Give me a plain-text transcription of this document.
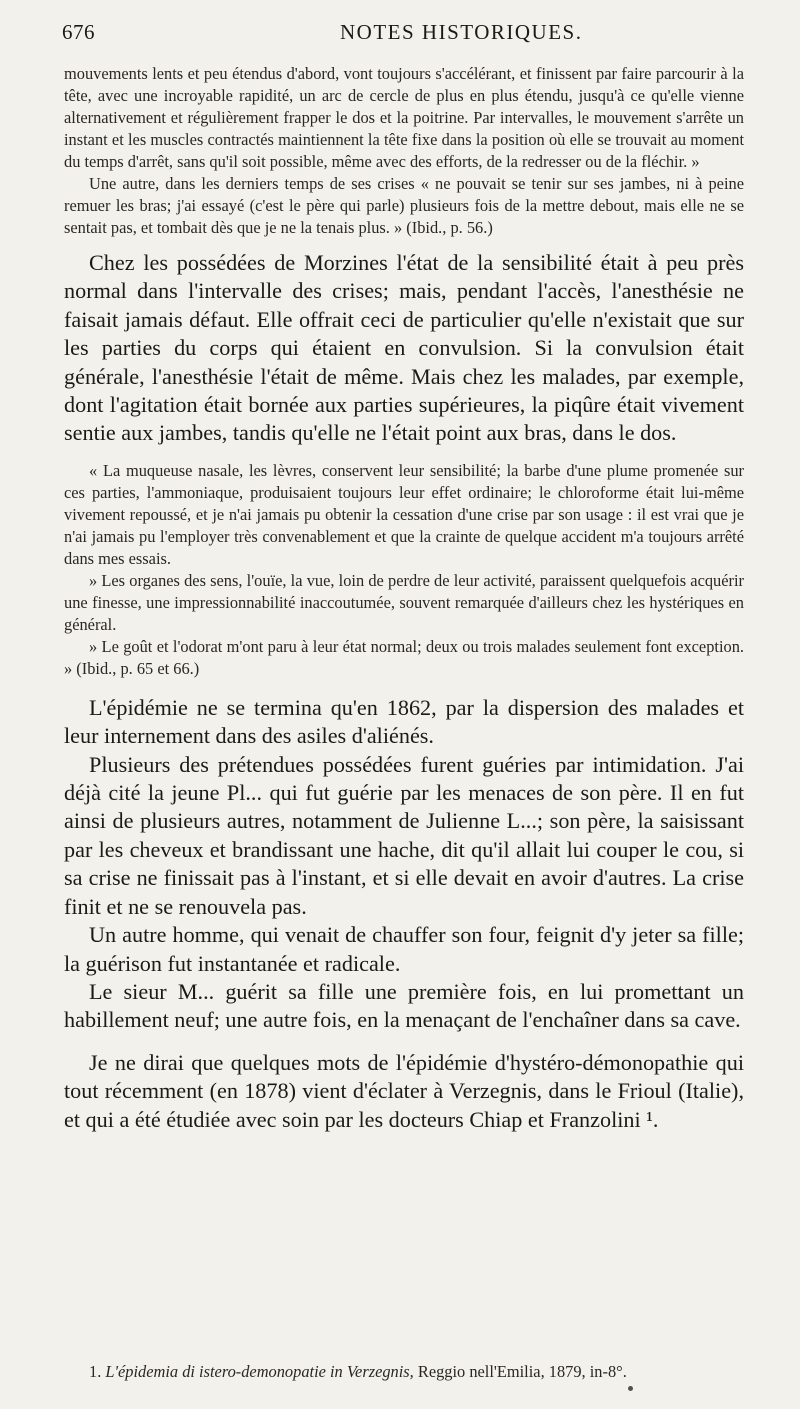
676	NOTES HISTORIQUES.

mouvements lents et peu étendus d'abord, vont toujours s'accélérant, et finissent par faire parcourir à la tête, avec une incroyable rapidité, un arc de cercle de plus en plus étendu, jusqu'à ce qu'elle vienne alternativement et régulièrement frapper le dos et la poitrine. Par intervalles, le mouvement s'arrête un instant et les muscles contractés maintiennent la tête fixe dans la position où elle se trouvait au moment du temps d'arrêt, sans qu'il soit possible, même avec des efforts, de la redresser ou de la fléchir. »

Une autre, dans les derniers temps de ses crises « ne pouvait se tenir sur ses jambes, ni à peine remuer les bras; j'ai essayé (c'est le père qui parle) plusieurs fois de la mettre debout, mais elle ne se sentait pas, et tombait dès que je ne la tenais plus. » (Ibid., p. 56.)

Chez les possédées de Morzines l'état de la sensibilité était à peu près normal dans l'intervalle des crises; mais, pendant l'accès, l'anesthésie ne faisait jamais défaut. Elle offrait ceci de particulier qu'elle n'existait que sur les parties du corps qui étaient en convulsion. Si la convulsion était générale, l'anesthésie l'était de même. Mais chez les malades, par exemple, dont l'agitation était bornée aux parties supérieures, la piqûre était vivement sentie aux jambes, tandis qu'elle ne l'était point aux bras, dans le dos.

« La muqueuse nasale, les lèvres, conservent leur sensibilité; la barbe d'une plume promenée sur ces parties, l'ammoniaque, produisaient toujours leur effet ordinaire; le chloroforme était lui-même vivement repoussé, et je n'ai jamais pu obtenir la cessation d'une crise par son usage : il est vrai que je n'ai jamais pu l'employer très convenablement et que la crainte de quelque accident m'a toujours arrêté dans mes essais.

» Les organes des sens, l'ouïe, la vue, loin de perdre de leur activité, paraissent quelquefois acquérir une finesse, une impressionnabilité inaccoutumée, souvent remarquée d'ailleurs chez les hystériques en général.

» Le goût et l'odorat m'ont paru à leur état normal; deux ou trois malades seulement font exception. » (Ibid., p. 65 et 66.)

L'épidémie ne se termina qu'en 1862, par la dispersion des malades et leur internement dans des asiles d'aliénés.

Plusieurs des prétendues possédées furent guéries par intimidation. J'ai déjà cité la jeune Pl... qui fut guérie par les menaces de son père. Il en fut ainsi de plusieurs autres, notamment de Julienne L...; son père, la saisissant par les cheveux et brandissant une hache, dit qu'il allait lui couper le cou, si sa crise ne finissait pas à l'instant, et si elle devait en avoir d'autres. La crise finit et ne se renouvela pas.

Un autre homme, qui venait de chauffer son four, feignit d'y jeter sa fille; la guérison fut instantanée et radicale.

Le sieur M... guérit sa fille une première fois, en lui promettant un habillement neuf; une autre fois, en la menaçant de l'enchaîner dans sa cave.

Je ne dirai que quelques mots de l'épidémie d'hystéro-démonopathie qui tout récemment (en 1878) vient d'éclater à Verzegnis, dans le Frioul (Italie), et qui a été étudiée avec soin par les docteurs Chiap et Franzolini ¹.

1. L'épidemia di istero-demonopatie in Verzegnis, Reggio nell'Emilia, 1879, in-8°.
